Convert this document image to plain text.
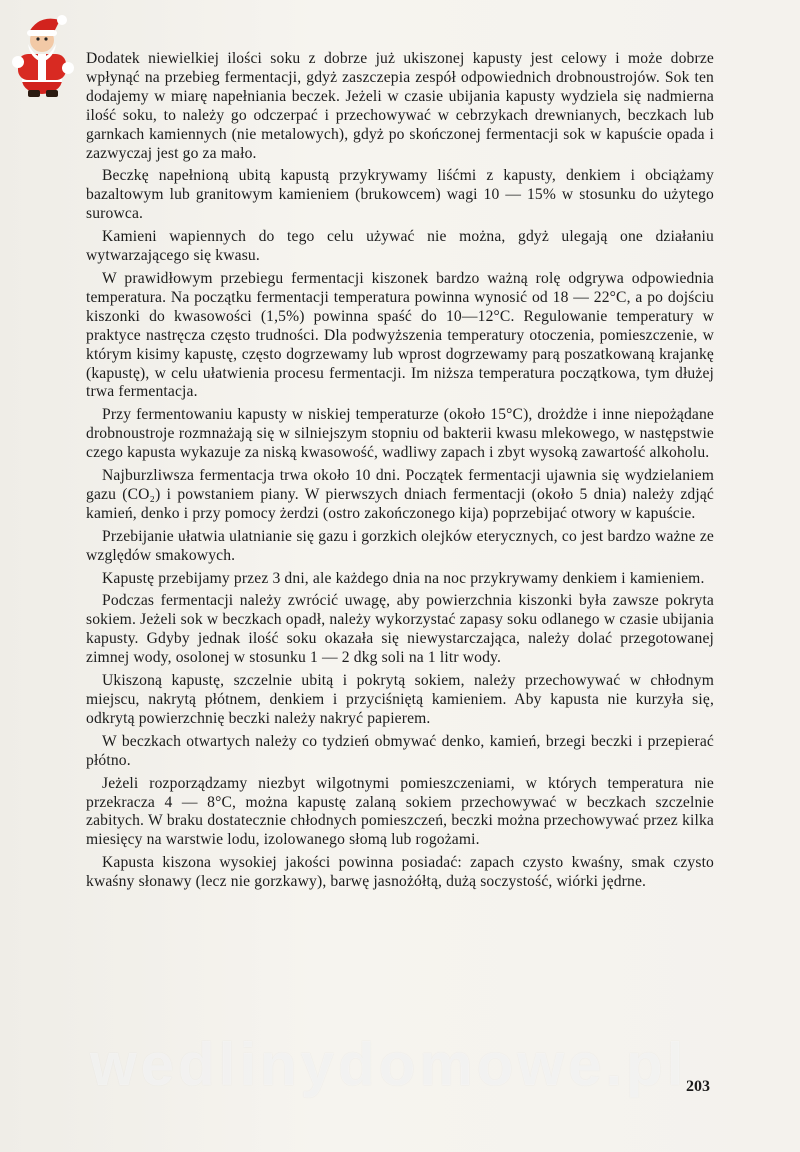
Dodatek niewielkiej ilości soku z dobrze już ukiszonej kapusty jest celowy i może dobrze wpłynąć na przebieg fermentacji, gdyż zaszczepia zespół odpowiednich drobnoustrojów. Sok ten dodajemy w miarę napełniania beczek. Jeżeli w czasie ubijania kapusty wydziela się nadmierna ilość soku, to należy go odczerpać i przechowywać w cebrzykach drewnianych, beczkach lub garnkach kamiennych (nie metalowych), gdyż po skończonej fermentacji sok w kapuście opada i zazwyczaj jest go za mało.

Beczkę napełnioną ubitą kapustą przykrywamy liśćmi z kapusty, denkiem i obciążamy bazaltowym lub granitowym kamieniem (brukowcem) wagi 10 — 15% w stosunku do użytego surowca.

Kamieni wapiennych do tego celu używać nie można, gdyż ulegają one działaniu wytwarzającego się kwasu.

W prawidłowym przebiegu fermentacji kiszonek bardzo ważną rolę odgrywa odpowiednia temperatura. Na początku fermentacji temperatura powinna wynosić od 18 — 22°C, a po dojściu kiszonki do kwasowości (1,5%) powinna spaść do 10—12°C. Regulowanie temperatury w praktyce nastręcza często trudności. Dla podwyższenia temperatury otoczenia, pomieszczenie, w którym kisimy kapustę, często dogrzewamy lub wprost dogrzewamy parą poszatkowaną krajankę (kapustę), w celu ułatwienia procesu fermentacji. Im niższa temperatura początkowa, tym dłużej trwa fermentacja.

Przy fermentowaniu kapusty w niskiej temperaturze (około 15°C), drożdże i inne niepożądane drobnoustroje rozmnażają się w silniejszym stopniu od bakterii kwasu mlekowego, w następstwie czego kapusta wykazuje za niską kwasowość, wadliwy zapach i zbyt wysoką zawartość alkoholu.

Najburzliwsza fermentacja trwa około 10 dni. Początek fermentacji ujawnia się wydzielaniem gazu (CO₂) i powstaniem piany. W pierwszych dniach fermentacji (około 5 dnia) należy zdjąć kamień, denko i przy pomocy żerdzi (ostro zakończonego kija) poprzebijać otwory w kapuście.

Przebijanie ułatwia ulatnianie się gazu i gorzkich olejków eterycznych, co jest bardzo ważne ze względów smakowych.

Kapustę przebijamy przez 3 dni, ale każdego dnia na noc przykrywamy denkiem i kamieniem.

Podczas fermentacji należy zwrócić uwagę, aby powierzchnia kiszonki była zawsze pokryta sokiem. Jeżeli sok w beczkach opadł, należy wykorzystać zapasy soku odlanego w czasie ubijania kapusty. Gdyby jednak ilość soku okazała się niewystarczająca, należy dolać przegotowanej zimnej wody, osolonej w stosunku 1 — 2 dkg soli na 1 litr wody.

Ukiszoną kapustę, szczelnie ubitą i pokrytą sokiem, należy przechowywać w chłodnym miejscu, nakrytą płótnem, denkiem i przyciśniętą kamieniem. Aby kapusta nie kurzyła się, odkrytą powierzchnię beczki należy nakryć papierem.

W beczkach otwartych należy co tydzień obmywać denko, kamień, brzegi beczki i przepierać płótno.

Jeżeli rozporządzamy niezbyt wilgotnymi pomieszczeniami, w których temperatura nie przekracza 4 — 8°C, można kapustę zalaną sokiem przechowywać w beczkach szczelnie zabitych. W braku dostatecznie chłodnych pomieszczeń, beczki można przechowywać przez kilka miesięcy na warstwie lodu, izolowanego słomą lub rogożami.

Kapusta kiszona wysokiej jakości powinna posiadać: zapach czysto kwaśny, smak czysto kwaśny słonawy (lecz nie gorzkawy), barwę jasnożółtą, dużą soczystość, wiórki jędrne.

wedlinydomowe.pl
203
